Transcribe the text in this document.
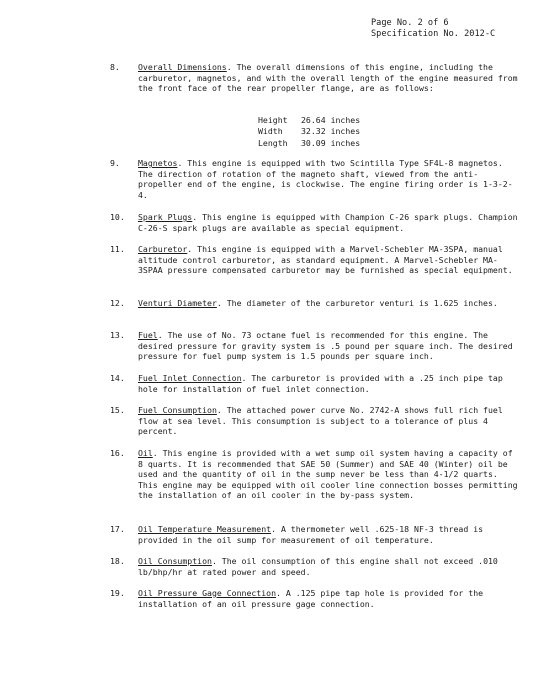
Page No. 2 of 6
Specification No. 2012-C
8. Overall Dimensions. The overall dimensions of this engine, including the carburetor, magnetos, and with the overall length of the engine measured from the front face of the rear propeller flange, are as follows:
Height	26.64 inches
Width	32.32 inches
Length	30.09 inches
9. Magnetos. This engine is equipped with two Scintilla Type SF4L-8 magnetos. The direction of rotation of the magneto shaft, viewed from the anti-propeller end of the engine, is clockwise. The engine firing order is 1-3-2-4.
10. Spark Plugs. This engine is equipped with Champion C-26 spark plugs. Champion C-26-S spark plugs are available as special equipment.
11. Carburetor. This engine is equipped with a Marvel-Schebler MA-3SPA, manual altitude control carburetor, as standard equipment. A Marvel-Schebler MA-3SPAA pressure compensated carburetor may be furnished as special equipment.
12. Venturi Diameter. The diameter of the carburetor venturi is 1.625 inches.
13. Fuel. The use of No. 73 octane fuel is recommended for this engine. The desired pressure for gravity system is .5 pound per square inch. The desired pressure for fuel pump system is 1.5 pounds per square inch.
14. Fuel Inlet Connection. The carburetor is provided with a .25 inch pipe tap hole for installation of fuel inlet connection.
15. Fuel Consumption. The attached power curve No. 2742-A shows full rich fuel flow at sea level. This consumption is subject to a tolerance of plus 4 percent.
16. Oil. This engine is provided with a wet sump oil system having a capacity of 8 quarts. It is recommended that SAE 50 (Summer) and SAE 40 (Winter) oil be used and the quantity of oil in the sump never be less than 4-1/2 quarts. This engine may be equipped with oil cooler line connection bosses permitting the installation of an oil cooler in the by-pass system.
17. Oil Temperature Measurement. A thermometer well .625-18 NF-3 thread is provided in the oil sump for measurement of oil temperature.
18. Oil Consumption. The oil consumption of this engine shall not exceed .010 lb/bhp/hr at rated power and speed.
19. Oil Pressure Gage Connection. A .125 pipe tap hole is provided for the installation of an oil pressure gage connection.
